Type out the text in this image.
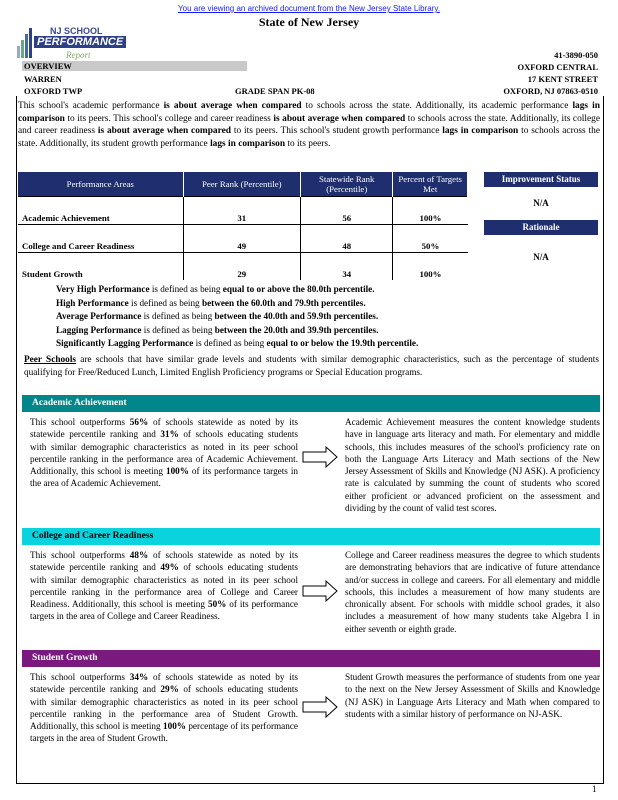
You are viewing an archived document from the New Jersey State Library.
State of New Jersey
NJ SCHOOL
PERFORMANCE
Report
OVERVIEW
WARREN
OXFORD TWP	GRADE SPAN PK-08
41-3890-050
OXFORD CENTRAL
17 KENT STREET
OXFORD, NJ 07863-0510
This school's academic performance is about average when compared to schools across the state. Additionally, its academic performance lags in comparison to its peers. This school's college and career readiness is about average when compared to schools across the state. Additionally, its college and career readiness is about average when compared to its peers. This school's student growth performance lags in comparison to schools across the state. Additionally, its student growth performance lags in comparison to its peers.
Performance Areas	Peer Rank (Percentile)	Statewide Rank (Percentile)	Percent of Targets Met
Academic Achievement	31	56	100%
College and Career Readiness	49	48	50%
Student Growth	29	34	100%
Improvement Status
N/A
Rationale
N/A
Very High Performance is defined as being equal to or above the 80.0th percentile.
High Performance is defined as being between the 60.0th and 79.9th percentiles.
Average Performance is defined as being between the 40.0th and 59.9th percentiles.
Lagging Performance is defined as being between the 20.0th and 39.9th percentiles.
Significantly Lagging Performance is defined as being equal to or below the 19.9th percentile.
Peer Schools are schools that have similar grade levels and students with similar demographic characteristics, such as the percentage of students qualifying for Free/Reduced Lunch, Limited English Proficiency programs or Special Education programs.
Academic Achievement
This school outperforms 56% of schools statewide as noted by its statewide percentile ranking and 31% of schools educating students with similar demographic characteristics as noted in its peer school percentile ranking in the performance area of Academic Achievement. Additionally, this school is meeting 100% of its performance targets in the area of Academic Achievement.
Academic Achievement measures the content knowledge students have in language arts literacy and math. For elementary and middle schools, this includes measures of the school's proficiency rate on both the Language Arts Literacy and Math sections of the New Jersey Assessment of Skills and Knowledge (NJ ASK). A proficiency rate is calculated by summing the count of students who scored either proficient or advanced proficient on the assessment and dividing by the count of valid test scores.
College and Career Readiness
This school outperforms 48% of schools statewide as noted by its statewide percentile ranking and 49% of schools educating students with similar demographic characteristics as noted in its peer school percentile ranking in the performance area of College and Career Readiness. Additionally, this school is meeting 50% of its performance targets in the area of College and Career Readiness.
College and Career readiness measures the degree to which students are demonstrating behaviors that are indicative of future attendance and/or success in college and careers. For all elementary and middle schools, this includes a measurement of how many students are chronically absent. For schools with middle school grades, it also includes a measurement of how many students take Algebra I in either seventh or eighth grade.
Student Growth
This school outperforms 34% of schools statewide as noted by its statewide percentile ranking and 29% of schools educating students with similar demographic characteristics as noted in its peer school percentile ranking in the performance area of Student Growth. Additionally, this school is meeting 100% percentage of its performance targets in the area of Student Growth.
Student Growth measures the performance of students from one year to the next on the New Jersey Assessment of Skills and Knowledge (NJ ASK) in Language Arts Literacy and Math when compared to students with a similar history of performance on NJ-ASK.
1
